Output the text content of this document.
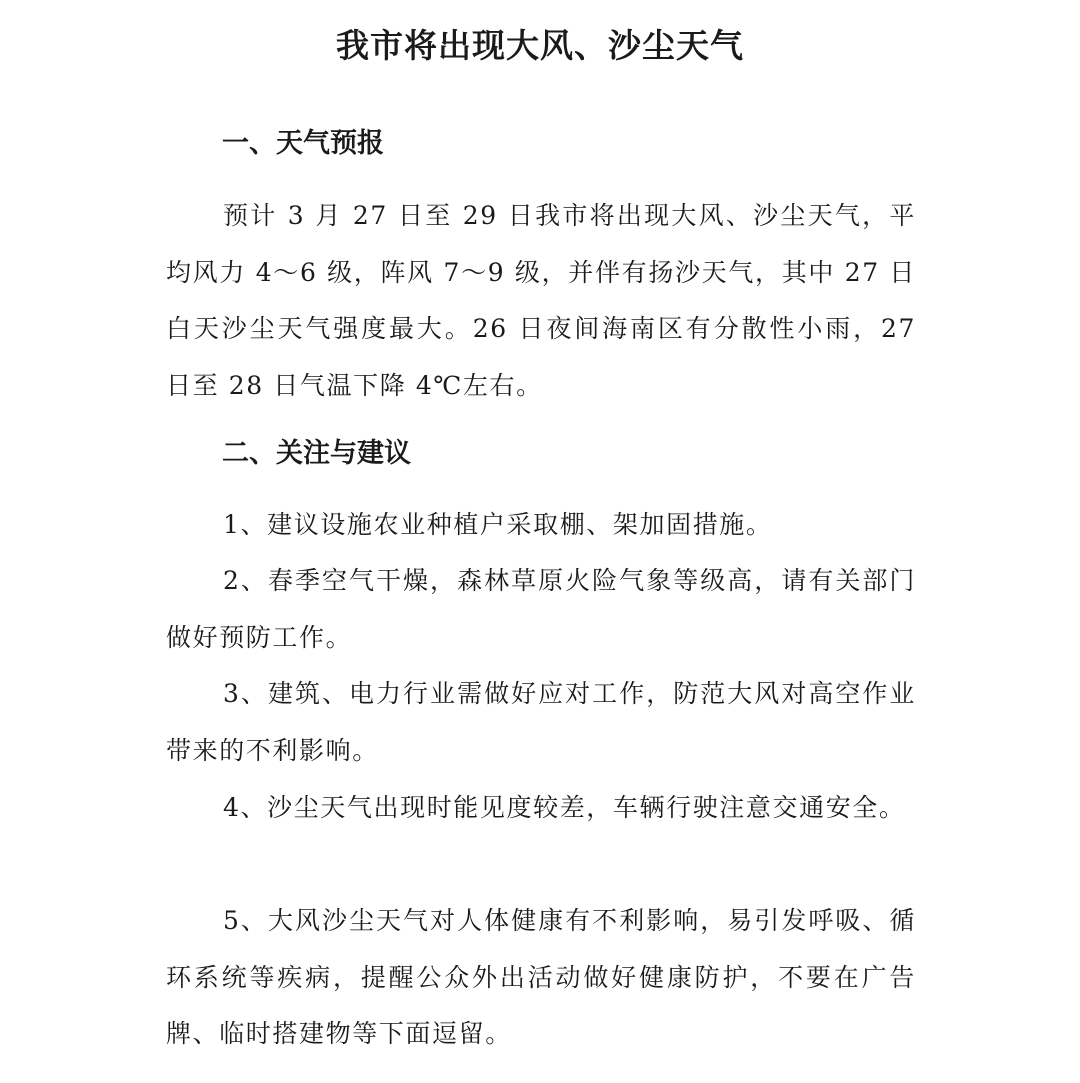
我市将出现大风、沙尘天气
一、天气预报

预计 3 月 27 日至 29 日我市将出现大风、沙尘天气，平均风力 4～6 级，阵风 7～9 级，并伴有扬沙天气，其中 27 日白天沙尘天气强度最大。26 日夜间海南区有分散性小雨，27 日至 28 日气温下降 4℃左右。

二、关注与建议

1、建议设施农业种植户采取棚、架加固措施。

2、春季空气干燥，森林草原火险气象等级高，请有关部门做好预防工作。

3、建筑、电力行业需做好应对工作，防范大风对高空作业带来的不利影响。

4、沙尘天气出现时能见度较差，车辆行驶注意交通安全。

5、大风沙尘天气对人体健康有不利影响，易引发呼吸、循环系统等疾病，提醒公众外出活动做好健康防护，不要在广告牌、临时搭建物等下面逗留。
